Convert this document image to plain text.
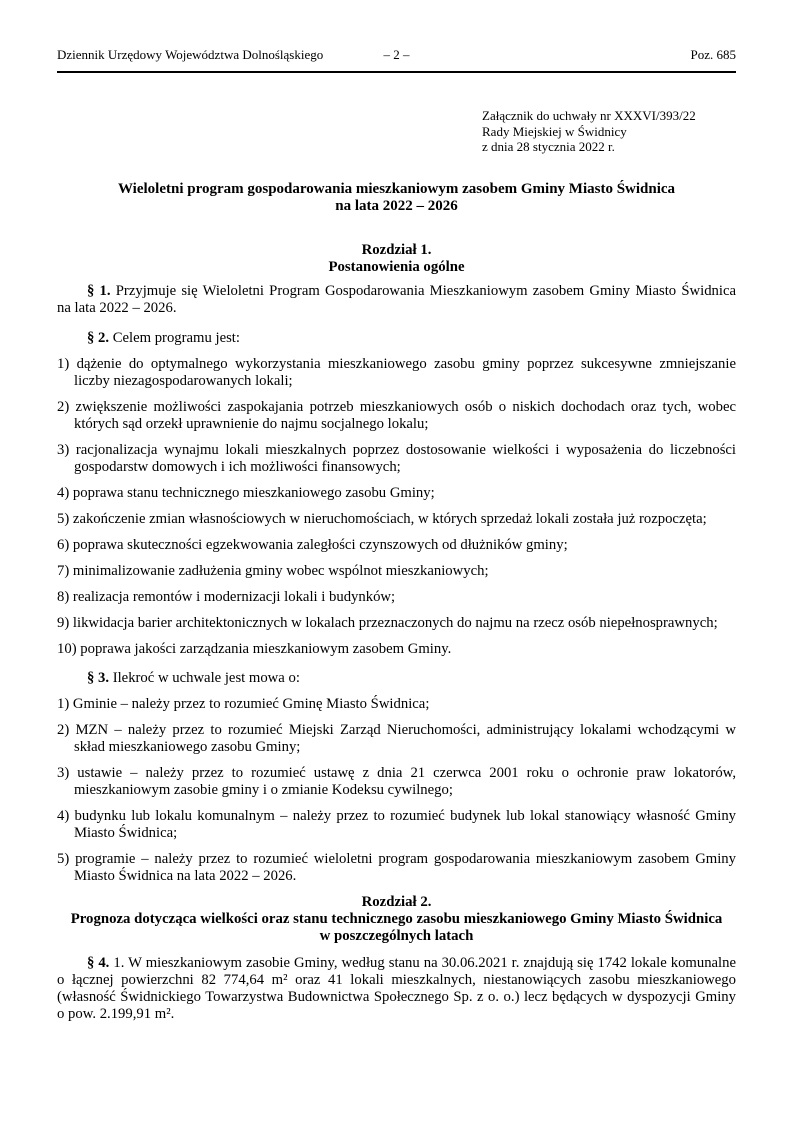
Dziennik Urzędowy Województwa Dolnośląskiego	– 2 –	Poz. 685
Załącznik do uchwały nr XXXVI/393/22
Rady Miejskiej w Świdnicy
z dnia 28 stycznia 2022 r.
Wieloletni program gospodarowania mieszkaniowym zasobem Gminy Miasto Świdnica
na lata 2022 – 2026
Rozdział 1.
Postanowienia ogólne

§ 1. Przyjmuje się Wieloletni Program Gospodarowania Mieszkaniowym zasobem Gminy Miasto Świdnica na lata 2022 – 2026.

§ 2. Celem programu jest:

1) dążenie do optymalnego wykorzystania mieszkaniowego zasobu gminy poprzez sukcesywne zmniejszanie liczby niezagospodarowanych lokali;

2) zwiększenie możliwości zaspokajania potrzeb mieszkaniowych osób o niskich dochodach oraz tych, wobec których sąd orzekł uprawnienie do najmu socjalnego lokalu;

3) racjonalizacja wynajmu lokali mieszkalnych poprzez dostosowanie wielkości i wyposażenia do liczebności gospodarstw domowych i ich możliwości finansowych;

4) poprawa stanu technicznego mieszkaniowego zasobu Gminy;

5) zakończenie zmian własnościowych w nieruchomościach, w których sprzedaż lokali została już rozpoczęta;

6) poprawa skuteczności egzekwowania zaległości czynszowych od dłużników gminy;

7) minimalizowanie zadłużenia gminy wobec wspólnot mieszkaniowych;

8) realizacja remontów i modernizacji lokali i budynków;

9) likwidacja barier architektonicznych w lokalach przeznaczonych do najmu na rzecz osób niepełnosprawnych;

10) poprawa jakości zarządzania mieszkaniowym zasobem Gminy.

§ 3. Ilekroć w uchwale jest mowa o:

1) Gminie – należy przez to rozumieć Gminę Miasto Świdnica;

2) MZN – należy przez to rozumieć Miejski Zarząd Nieruchomości, administrujący lokalami wchodzącymi w skład mieszkaniowego zasobu Gminy;

3) ustawie – należy przez to rozumieć ustawę z dnia 21 czerwca 2001 roku o ochronie praw lokatorów, mieszkaniowym zasobie gminy i o zmianie Kodeksu cywilnego;

4) budynku lub lokalu komunalnym – należy przez to rozumieć budynek lub lokal stanowiący własność Gminy Miasto Świdnica;

5) programie – należy przez to rozumieć wieloletni program gospodarowania mieszkaniowym zasobem Gminy Miasto Świdnica na lata 2022 – 2026.

Rozdział 2.
Prognoza dotycząca wielkości oraz stanu technicznego zasobu mieszkaniowego Gminy Miasto Świdnica
w poszczególnych latach

§ 4. 1. W mieszkaniowym zasobie Gminy, według stanu na 30.06.2021 r. znajdują się 1742 lokale komunalne o łącznej powierzchni 82 774,64 m² oraz 41 lokali mieszkalnych, niestanowiących zasobu mieszkaniowego (własność Świdnickiego Towarzystwa Budownictwa Społecznego Sp. z o. o.) lecz będących w dyspozycji Gminy o pow. 2.199,91 m².
